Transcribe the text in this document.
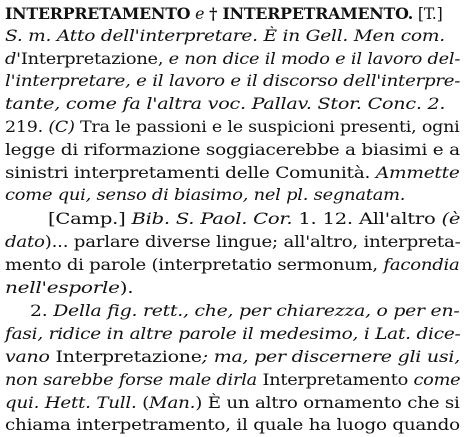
INTERPRETAMENTO e † INTERPETRAMENTO. [T.]
S. m. Atto dell'interpretare. È in Gell. Men com.
d'Interpretazione, e non dice il modo e il lavoro del-
l'interpretare, e il lavoro e il discorso dell'interpre-
tante, come fa l'altra voc. Pallav. Stor. Conc. 2.
219. (C) Tra le passioni e le suspicioni presenti, ogni
legge di riformazione soggiacerebbe a biasimi e a
sinistri interpretamenti delle Comunità. Ammette
come qui, senso di biasimo, nel pl. segnatam.
[Camp.] Bib. S. Paol. Cor. 1. 12. All'altro (è
dato)... parlare diverse lingue; all'altro, interpreta-
mento di parole (interpretatio sermonum, facondia
nell'esporle).
2. Della fig. rett., che, per chiarezza, o per en-
fasi, ridice in altre parole il medesimo, i Lat. dice-
vano Interpretazione; ma, per discernere gli usi,
non sarebbe forse male dirla Interpretamento come
qui. Hett. Tull. (Man.) È un altro ornamento che si
chiama interpetramento, il quale ha luogo quando
